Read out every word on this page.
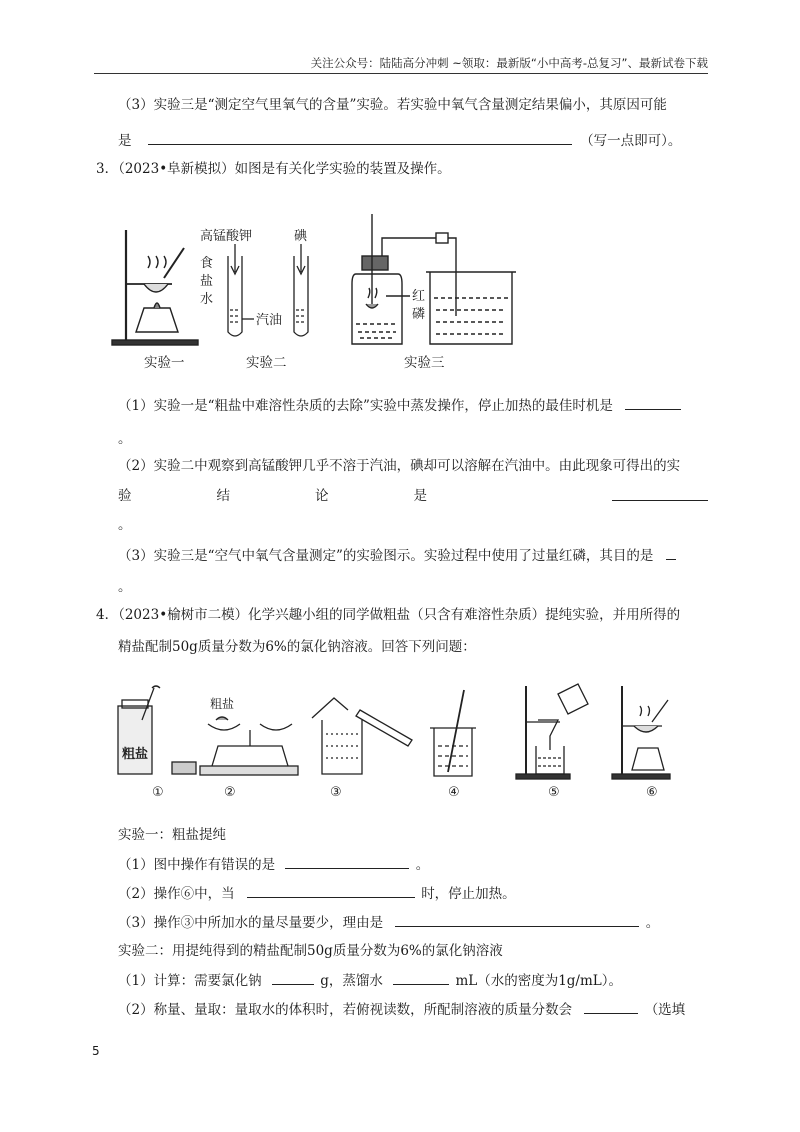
关注公众号：陆陆高分冲刺 ~领取：最新版“小中高考-总复习”、最新试卷下载
（3）实验三是“测定空气里氧气的含量”实验。若实验中氧气含量测定结果偏小，其原因可能
是	（写一点即可）。
3．（2023•阜新模拟）如图是有关化学实验的装置及操作。
食
盐
水
实验一
高锰酸钾	碘
汽油
实验二
红
磷
实验三
（1）实验一是“粗盐中难溶性杂质的去除”实验中蒸发操作，停止加热的最佳时机是
。
（2）实验二中观察到高锰酸钾几乎不溶于汽油，碘却可以溶解在汽油中。由此现象可得出的实
验	结	论	是
。
（3）实验三是“空气中氧气含量测定”的实验图示。实验过程中使用了过量红磷，其目的是
。
4．（2023•榆树市二模）化学兴趣小组的同学做粗盐（只含有难溶性杂质）提纯实验，并用所得的
精盐配制50g质量分数为6%的氯化钠溶液。回答下列问题：
粗盐
粗盐
①	②	③	④	⑤	⑥
实验一：粗盐提纯
（1）图中操作有错误的是	。
（2）操作⑥中，当	时，停止加热。
（3）操作③中所加水的量尽量要少，理由是	。
实验二：用提纯得到的精盐配制50g质量分数为6%的氯化钠溶液
（1）计算：需要氯化钠	g，蒸馏水	mL（水的密度为1g/mL）。
（2）称量、量取：量取水的体积时，若俯视读数，所配制溶液的质量分数会	（选填
5
